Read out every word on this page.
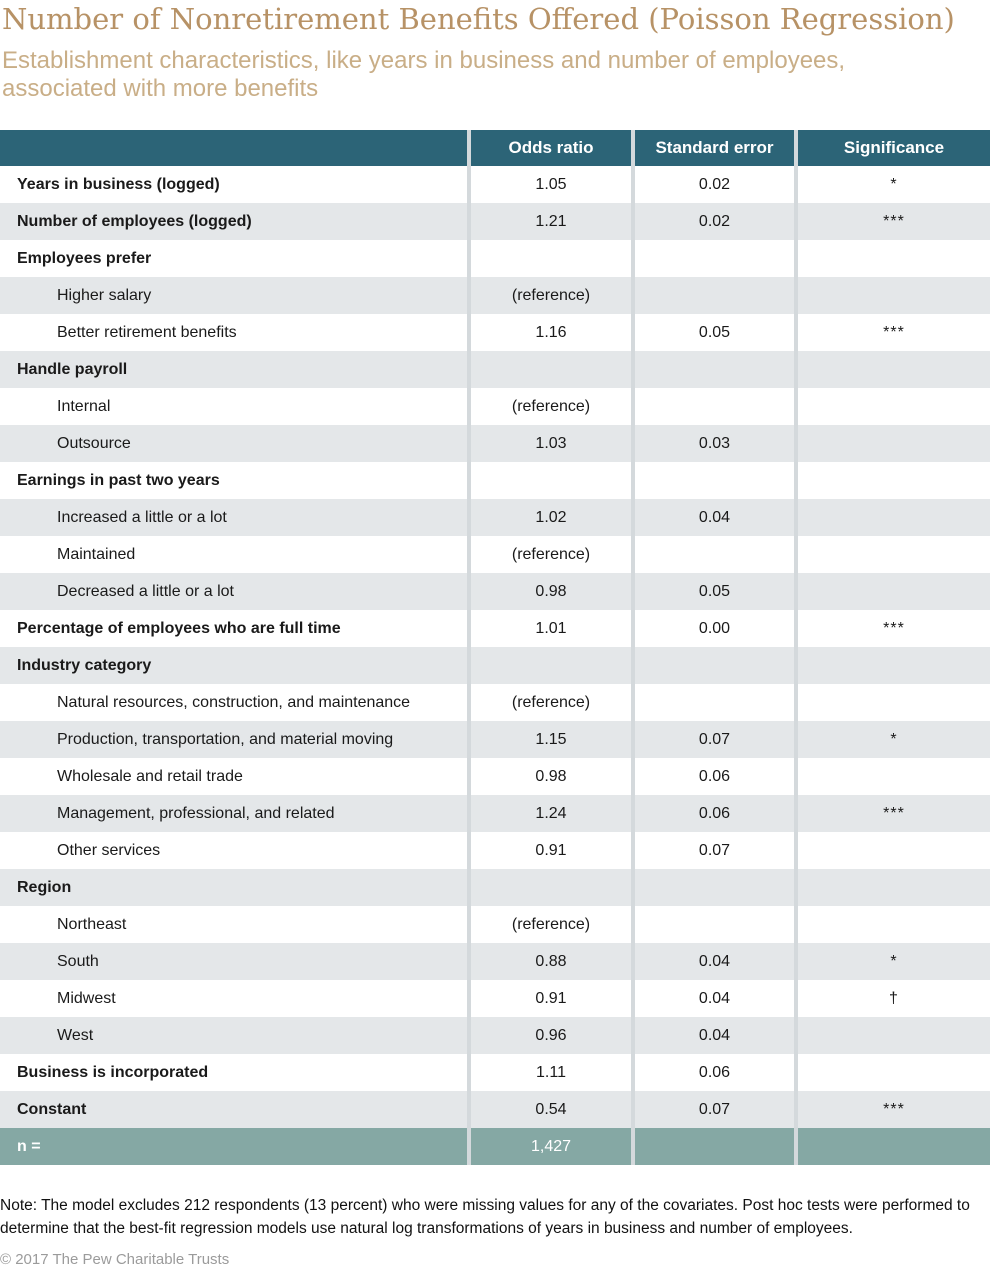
Number of Nonretirement Benefits Offered (Poisson Regression)
Establishment characteristics, like years in business and number of employees, associated with more benefits
	Odds ratio	Standard error	Significance
Years in business (logged)	1.05	0.02	*
Number of employees (logged)	1.21	0.02	***
Employees prefer			
Higher salary	(reference)		
Better retirement benefits	1.16	0.05	***
Handle payroll			
Internal	(reference)		
Outsource	1.03	0.03	
Earnings in past two years			
Increased a little or a lot	1.02	0.04	
Maintained	(reference)		
Decreased a little or a lot	0.98	0.05	
Percentage of employees who are full time	1.01	0.00	***
Industry category			
Natural resources, construction, and maintenance	(reference)		
Production, transportation, and material moving	1.15	0.07	*
Wholesale and retail trade	0.98	0.06	
Management, professional, and related	1.24	0.06	***
Other services	0.91	0.07	
Region			
Northeast	(reference)		
South	0.88	0.04	*
Midwest	0.91	0.04	†
West	0.96	0.04	
Business is incorporated	1.11	0.06	
Constant	0.54	0.07	***
n =	1,427		

Note: The model excludes 212 respondents (13 percent) who were missing values for any of the covariates. Post hoc tests were performed to determine that the best-fit regression models use natural log transformations of years in business and number of employees.

© 2017 The Pew Charitable Trusts
